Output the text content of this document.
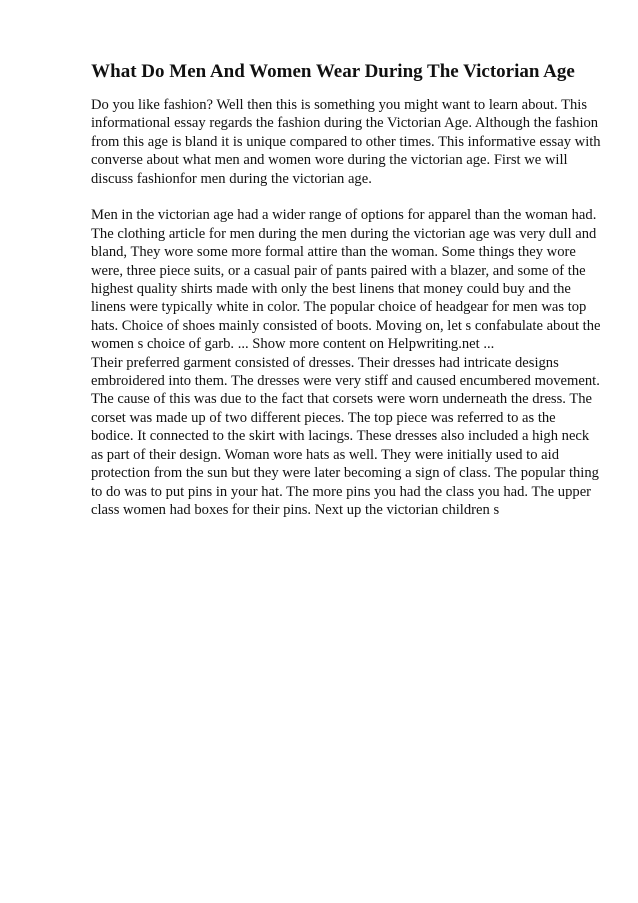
What Do Men And Women Wear During The Victorian Age

Do you like fashion? Well then this is something you might want to learn about. This informational essay regards the fashion during the Victorian Age. Although the fashion from this age is bland it is unique compared to other times. This informative essay with converse about what men and women wore during the victorian age. First we will discuss fashionfor men during the victorian age.

Men in the victorian age had a wider range of options for apparel than the woman had. The clothing article for men during the men during the victorian age was very dull and bland, They wore some more formal attire than the woman. Some things they wore were, three piece suits, or a casual pair of pants paired with a blazer, and some of the highest quality shirts made with only the best linens that money could buy and the linens were typically white in color. The popular choice of headgear for men was top hats. Choice of shoes mainly consisted of boots. Moving on, let s confabulate about the women s choice of garb. ... Show more content on Helpwriting.net ...

Their preferred garment consisted of dresses. Their dresses had intricate designs embroidered into them. The dresses were very stiff and caused encumbered movement. The cause of this was due to the fact that corsets were worn underneath the dress. The corset was made up of two different pieces. The top piece was referred to as the bodice. It connected to the skirt with lacings. These dresses also included a high neck as part of their design. Woman wore hats as well. They were initially used to aid protection from the sun but they were later becoming a sign of class. The popular thing to do was to put pins in your hat. The more pins you had the class you had. The upper class women had boxes for their pins. Next up the victorian children s
